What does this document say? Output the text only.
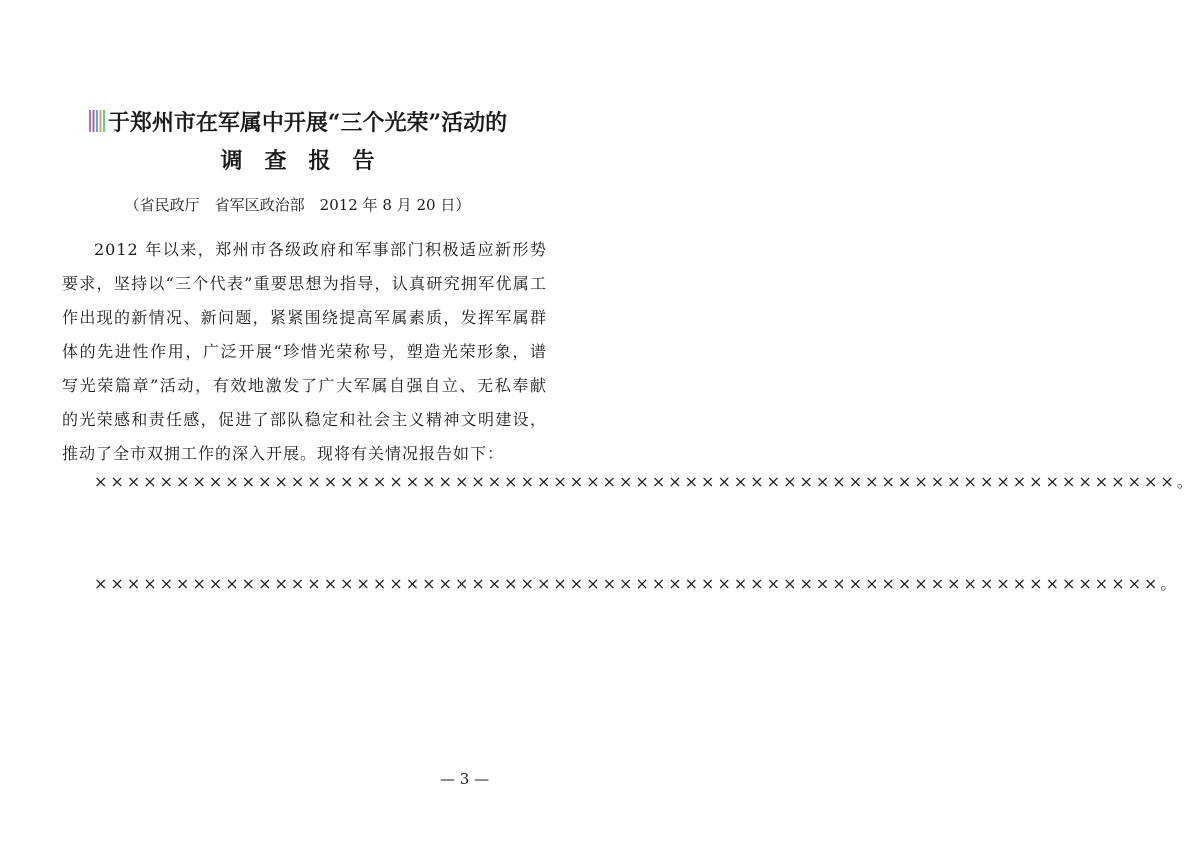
于郑州市在军属中开展“三个光荣”活动的
调查报告
（省民政厅　省军区政治部　2012 年 8 月 20 日）

2012 年以来，郑州市各级政府和军事部门积极适应新形势要求，坚持以“三个代表”重要思想为指导，认真研究拥军优属工作出现的新情况、新问题，紧紧围绕提高军属素质，发挥军属群体的先进性作用，广泛开展“珍惜光荣称号，塑造光荣形象，谱写光荣篇章”活动，有效地激发了广大军属自强自立、无私奉献的光荣感和责任感，促进了部队稳定和社会主义精神文明建设，推动了全市双拥工作的深入开展。现将有关情况报告如下：

××××××××××××××××××××××××××××××××××××××××××××××××××××××××××××××××××。

×××××××××××××××××××××××××××××××××××××××××××××××××××××××××××××××××。

— 3 —
